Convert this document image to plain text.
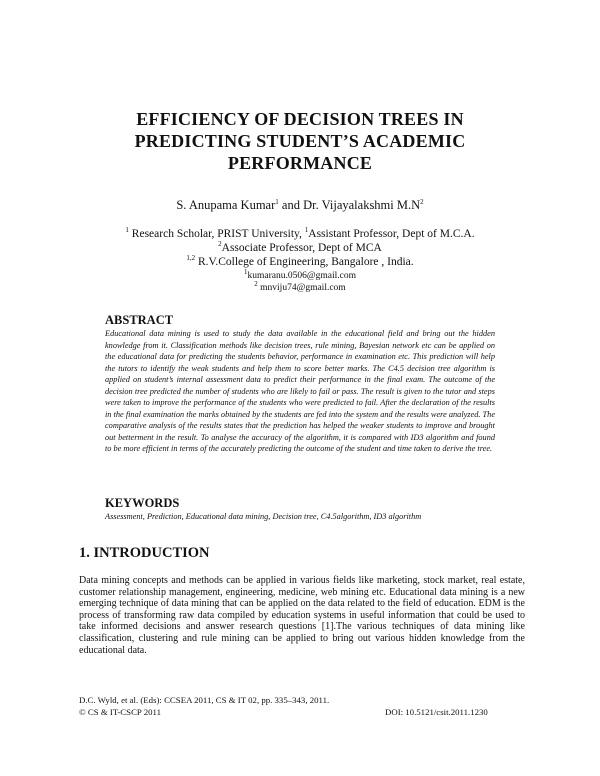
EFFICIENCY OF DECISION TREES IN
PREDICTING STUDENT’S ACADEMIC
PERFORMANCE
S. Anupama Kumar$^1$ and Dr. Vijayalakshmi $M.N^2$
$^1$ Research Scholar, PRIST University, $^1$Assistant Professor, Dept of M.C.A.
$^2$Associate Professor, Dept of MCA
$^{1,2}$ R.V.College of Engineering, Bangalore , India.
$^1$kumaranu.0506@gmail.com
$^2$ mnviju74@gmail.com
ABSTRACT
Educational data mining is used to study the data available in the educational field and bring out the hidden knowledge from it. Classification methods like decision trees, rule mining, Bayesian network etc can be applied on the educational data for predicting the students behavior, performance in examination etc. This prediction will help the tutors to identify the weak students and help them to score better marks. The C4.5 decision tree algorithm is applied on student’s internal assessment data to predict their performance in the final exam. The outcome of the decision tree predicted the number of students who are likely to fail or pass. The result is given to the tutor and steps were taken to improve the performance of the students who were predicted to fail. After the declaration of the results in the final examination the marks obtained by the students are fed into the system and the results were analyzed. The comparative analysis of the results states that the prediction has helped the weaker students to improve and brought out betterment in the result. To analyse the accuracy of the algorithm, it is compared with ID3 algorithm and found to be more efficient in terms of the accurately predicting the outcome of the student and time taken to derive the tree.
KEYWORDS
Assessment, Prediction, Educational data mining, Decision tree, C4.5algorithm, ID3 algorithm
1. INTRODUCTION
Data mining concepts and methods can be applied in various fields like marketing, stock market, real estate, customer relationship management, engineering, medicine, web mining etc. Educational data mining is a new emerging technique of data mining that can be applied on the data related to the field of education. EDM is the process of transforming raw data compiled by education systems in useful information that could be used to take informed decisions and answer research questions [1].The various techniques of data mining like classification, clustering and rule mining can be applied to bring out various hidden knowledge from the educational data.
D.C. Wyld, et al. (Eds): CCSEA 2011, CS & IT 02, pp. 335–343, 2011.
© CS & IT-CSCP 2011	DOI: 10.5121/csit.2011.1230
